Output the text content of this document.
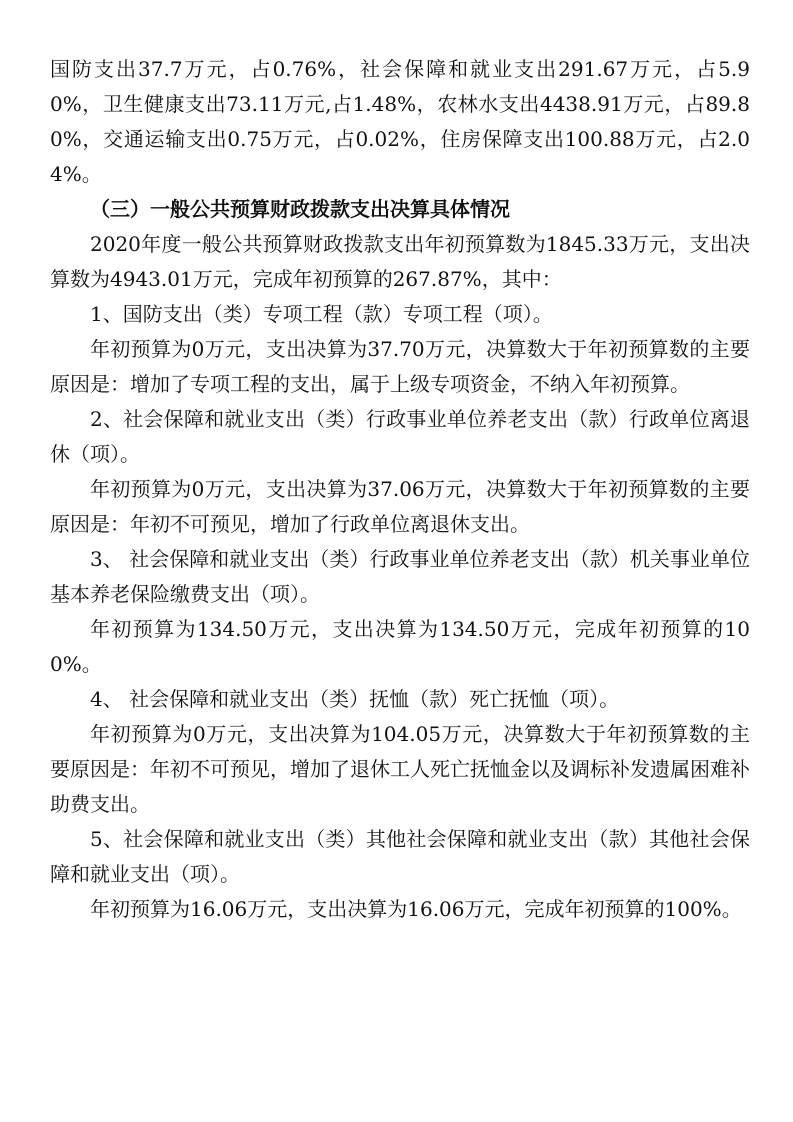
国防支出37.7万元，占0.76%，社会保障和就业支出291.67万元，占5.90%，卫生健康支出73.11万元,占1.48%，农林水支出4438.91万元，占89.80%，交通运输支出0.75万元，占0.02%，住房保障支出100.88万元，占2.04%。

（三）一般公共预算财政拨款支出决算具体情况

2020年度一般公共预算财政拨款支出年初预算数为1845.33万元，支出决算数为4943.01万元，完成年初预算的267.87%，其中：

1、国防支出（类）专项工程（款）专项工程（项）。

年初预算为0万元，支出决算为37.70万元，决算数大于年初预算数的主要原因是：增加了专项工程的支出，属于上级专项资金，不纳入年初预算。

2、社会保障和就业支出（类）行政事业单位养老支出（款）行政单位离退休（项）。

年初预算为0万元，支出决算为37.06万元，决算数大于年初预算数的主要原因是：年初不可预见，增加了行政单位离退休支出。

3、 社会保障和就业支出（类）行政事业单位养老支出（款）机关事业单位基本养老保险缴费支出（项）。

年初预算为134.50万元，支出决算为134.50万元，完成年初预算的100%。

4、 社会保障和就业支出（类）抚恤（款）死亡抚恤（项）。

年初预算为0万元，支出决算为104.05万元，决算数大于年初预算数的主要原因是：年初不可预见，增加了退休工人死亡抚恤金以及调标补发遗属困难补助费支出。

5、社会保障和就业支出（类）其他社会保障和就业支出（款）其他社会保障和就业支出（项）。

年初预算为16.06万元，支出决算为16.06万元，完成年初预算的100%。
